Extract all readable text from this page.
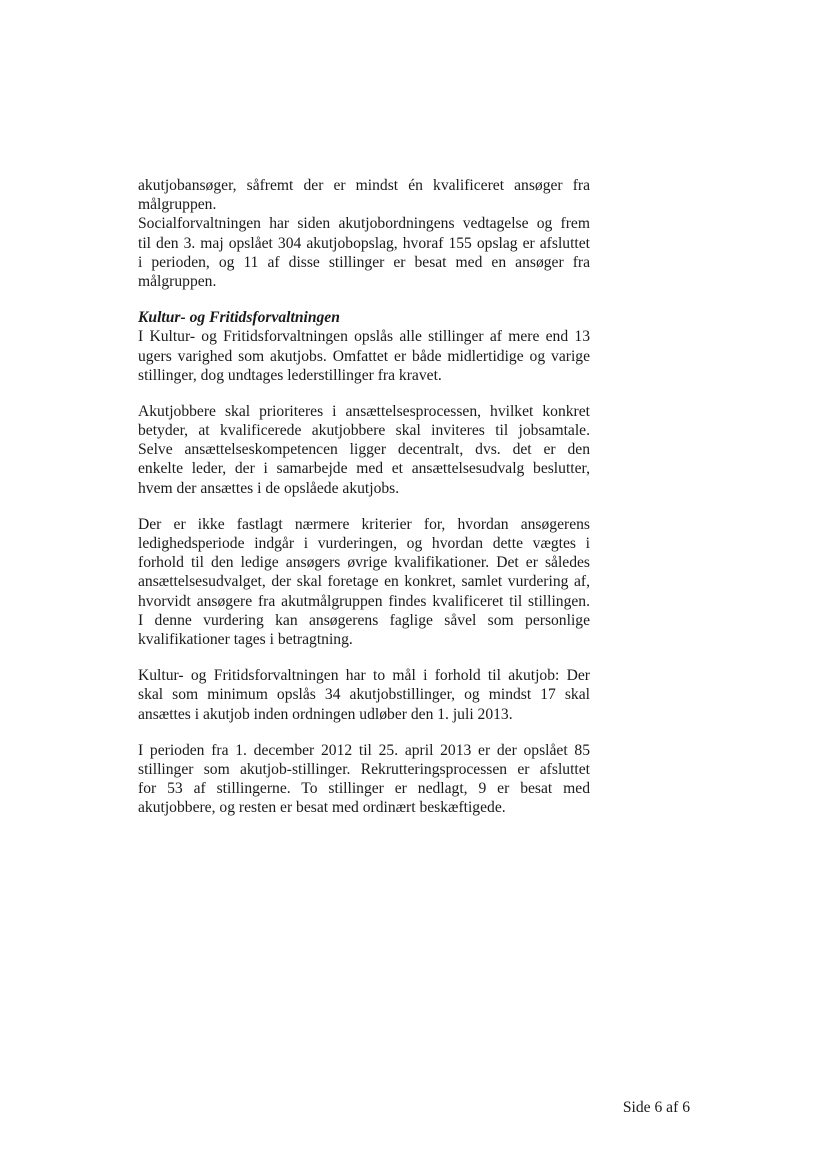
akutjobansøger, såfremt der er mindst én kvalificeret ansøger fra
målgruppen.
Socialforvaltningen har siden akutjobordningens vedtagelse og frem
til den 3. maj opslået 304 akutjobopslag, hvoraf 155 opslag er afsluttet
i perioden, og 11 af disse stillinger er besat med en ansøger fra
målgruppen.
Kultur- og Fritidsforvaltningen
I Kultur- og Fritidsforvaltningen opslås alle stillinger af mere end 13
ugers varighed som akutjobs. Omfattet er både midlertidige og varige
stillinger, dog undtages lederstillinger fra kravet.
Akutjobbere skal prioriteres i ansættelsesprocessen, hvilket konkret
betyder, at kvalificerede akutjobbere skal inviteres til jobsamtale.
Selve ansættelseskompetencen ligger decentralt, dvs. det er den
enkelte leder, der i samarbejde med et ansættelsesudvalg beslutter,
hvem der ansættes i de opslåede akutjobs.
Der er ikke fastlagt nærmere kriterier for, hvordan ansøgerens
ledighedsperiode indgår i vurderingen, og hvordan dette vægtes i
forhold til den ledige ansøgers øvrige kvalifikationer. Det er således
ansættelsesudvalget, der skal foretage en konkret, samlet vurdering af,
hvorvidt ansøgere fra akutmålgruppen findes kvalificeret til stillingen.
I denne vurdering kan ansøgerens faglige såvel som personlige
kvalifikationer tages i betragtning.
Kultur- og Fritidsforvaltningen har to mål i forhold til akutjob: Der
skal som minimum opslås 34 akutjobstillinger, og mindst 17 skal
ansættes i akutjob inden ordningen udløber den 1. juli 2013.
I perioden fra 1. december 2012 til 25. april 2013 er der opslået 85
stillinger som akutjob-stillinger. Rekrutteringsprocessen er afsluttet
for 53 af stillingerne. To stillinger er nedlagt, 9 er besat med
akutjobbere, og resten er besat med ordinært beskæftigede.
Side 6 af 6
